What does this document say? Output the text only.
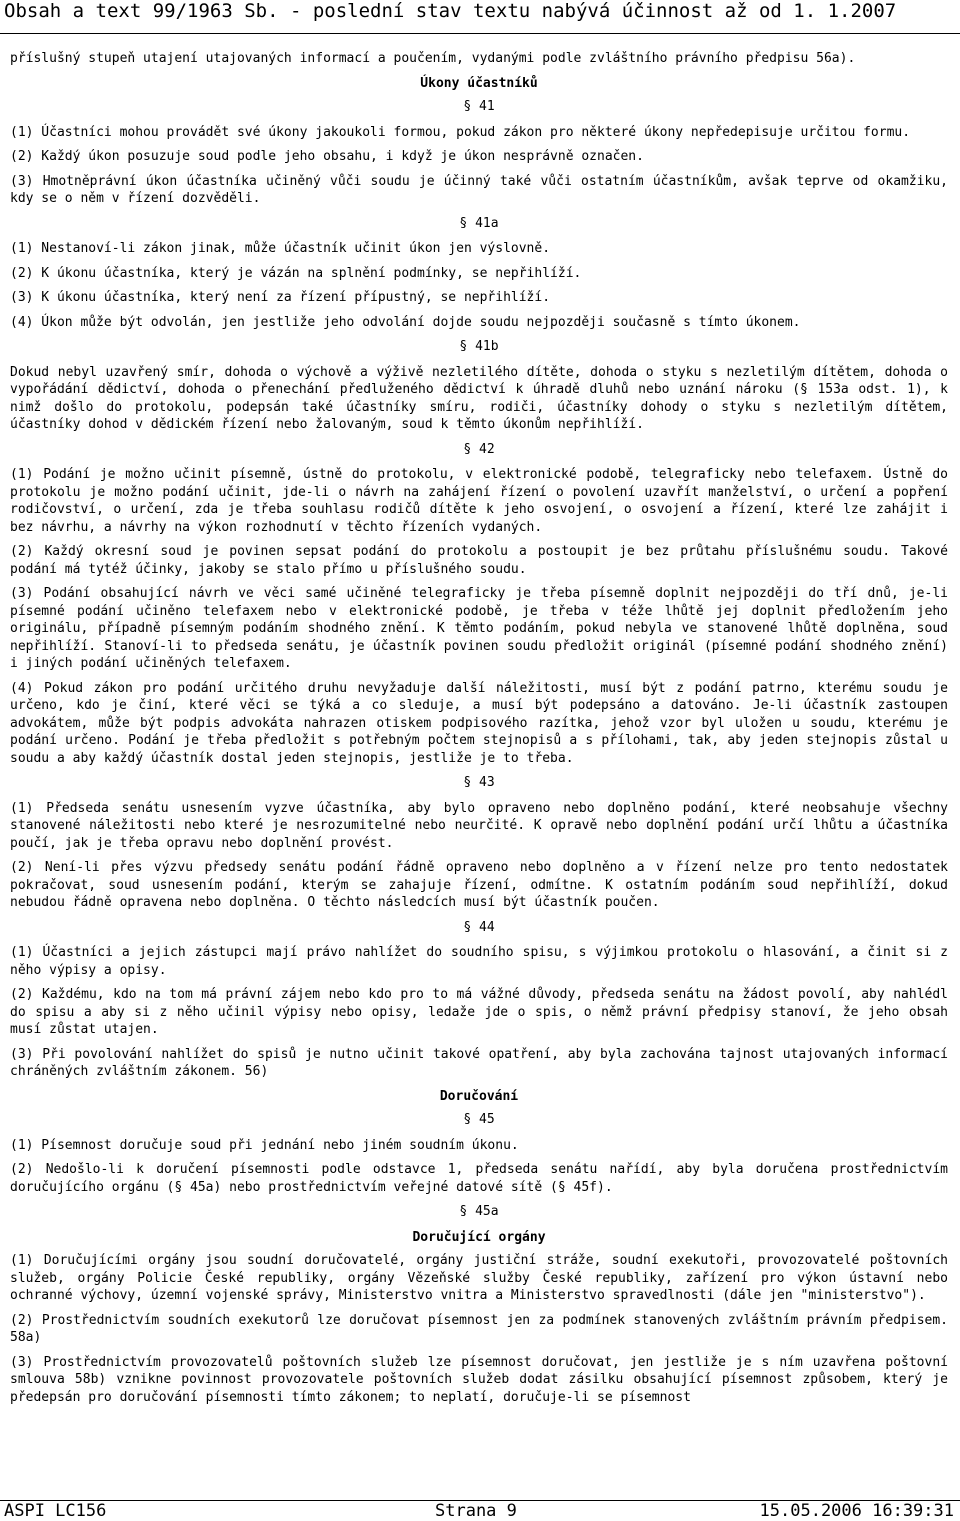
Obsah a text 99/1963 Sb. - poslední stav textu nabývá účinnost až od 1. 1.2007

příslušný stupeň utajení utajovaných informací a poučením, vydanými podle zvláštního právního předpisu 56a).

Úkony účastníků
§ 41

(1) Účastníci mohou provádět své úkony jakoukoli formou, pokud zákon pro některé úkony nepředepisuje určitou formu.

(2) Každý úkon posuzuje soud podle jeho obsahu, i když je úkon nesprávně označen.

(3) Hmotněprávní úkon účastníka učiněný vůči soudu je účinný také vůči ostatním účastníkům, avšak teprve od okamžiku, kdy se o něm v řízení dozvěděli.

§ 41a

(1) Nestanoví-li zákon jinak, může účastník učinit úkon jen výslovně.

(2) K úkonu účastníka, který je vázán na splnění podmínky, se nepřihlíží.

(3) K úkonu účastníka, který není za řízení přípustný, se nepřihlíží.

(4) Úkon může být odvolán, jen jestliže jeho odvolání dojde soudu nejpozději současně s tímto úkonem.

§ 41b

Dokud nebyl uzavřený smír, dohoda o výchově a výživě nezletilého dítěte, dohoda o styku s nezletilým dítětem, dohoda o vypořádání dědictví, dohoda o přenechání předluženého dědictví k úhradě dluhů nebo uznání nároku (§ 153a odst. 1), k nimž došlo do protokolu, podepsán také účastníky smíru, rodiči, účastníky dohody o styku s nezletilým dítětem, účastníky dohod v dědickém řízení nebo žalovaným, soud k těmto úkonům nepřihlíží.

§ 42

(1) Podání je možno učinit písemně, ústně do protokolu, v elektronické podobě, telegraficky nebo telefaxem. Ústně do protokolu je možno podání učinit, jde-li o návrh na zahájení řízení o povolení uzavřít manželství, o určení a popření rodičovství, o určení, zda je třeba souhlasu rodičů dítěte k jeho osvojení, o osvojení a řízení, které lze zahájit i bez návrhu, a návrhy na výkon rozhodnutí v těchto řízeních vydaných.

(2) Každý okresní soud je povinen sepsat podání do protokolu a postoupit je bez průtahu příslušnému soudu. Takové podání má tytéž účinky, jakoby se stalo přímo u příslušného soudu.

(3) Podání obsahující návrh ve věci samé učiněné telegraficky je třeba písemně doplnit nejpozději do tří dnů, je-li písemné podání učiněno telefaxem nebo v elektronické podobě, je třeba v téže lhůtě jej doplnit předložením jeho originálu, případně písemným podáním shodného znění. K těmto podáním, pokud nebyla ve stanovené lhůtě doplněna, soud nepřihlíží. Stanoví-li to předseda senátu, je účastník povinen soudu předložit originál (písemné podání shodného znění) i jiných podání učiněných telefaxem.

(4) Pokud zákon pro podání určitého druhu nevyžaduje další náležitosti, musí být z podání patrno, kterému soudu je určeno, kdo je činí, které věci se týká a co sleduje, a musí být podepsáno a datováno. Je-li účastník zastoupen advokátem, může být podpis advokáta nahrazen otiskem podpisového razítka, jehož vzor byl uložen u soudu, kterému je podání určeno. Podání je třeba předložit s potřebným počtem stejnopisů a s přílohami, tak, aby jeden stejnopis zůstal u soudu a aby každý účastník dostal jeden stejnopis, jestliže je to třeba.

§ 43

(1) Předseda senátu usnesením vyzve účastníka, aby bylo opraveno nebo doplněno podání, které neobsahuje všechny stanovené náležitosti nebo které je nesrozumitelné nebo neurčité. K opravě nebo doplnění podání určí lhůtu a účastníka poučí, jak je třeba opravu nebo doplnění provést.

(2) Není-li přes výzvu předsedy senátu podání řádně opraveno nebo doplněno a v řízení nelze pro tento nedostatek pokračovat, soud usnesením podání, kterým se zahajuje řízení, odmítne. K ostatním podáním soud nepřihlíží, dokud nebudou řádně opravena nebo doplněna. O těchto následcích musí být účastník poučen.

§ 44

(1) Účastníci a jejich zástupci mají právo nahlížet do soudního spisu, s výjimkou protokolu o hlasování, a činit si z něho výpisy a opisy.

(2) Každému, kdo na tom má právní zájem nebo kdo pro to má vážné důvody, předseda senátu na žádost povolí, aby nahlédl do spisu a aby si z něho učinil výpisy nebo opisy, ledaže jde o spis, o němž právní předpisy stanoví, že jeho obsah musí zůstat utajen.

(3) Při povolování nahlížet do spisů je nutno učinit takové opatření, aby byla zachována tajnost utajovaných informací chráněných zvláštním zákonem. 56)

Doručování
§ 45

(1) Písemnost doručuje soud při jednání nebo jiném soudním úkonu.

(2) Nedošlo-li k doručení písemnosti podle odstavce 1, předseda senátu nařídí, aby byla doručena prostřednictvím doručujícího orgánu (§ 45a) nebo prostřednictvím veřejné datové sítě (§ 45f).

§ 45a
Doručující orgány

(1) Doručujícími orgány jsou soudní doručovatelé, orgány justiční stráže, soudní exekutoři, provozovatelé poštovních služeb, orgány Policie České republiky, orgány Vězeňské služby České republiky, zařízení pro výkon ústavní nebo ochranné výchovy, územní vojenské správy, Ministerstvo vnitra a Ministerstvo spravedlnosti (dále jen "ministerstvo").

(2) Prostřednictvím soudních exekutorů lze doručovat písemnost jen za podmínek stanovených zvláštním právním předpisem. 58a)

(3) Prostřednictvím provozovatelů poštovních služeb lze písemnost doručovat, jen jestliže je s ním uzavřena poštovní smlouva 58b) vznikne povinnost provozovatele poštovních služeb dodat zásilku obsahující písemnost způsobem, který je předepsán pro doručování písemnosti tímto zákonem; to neplatí, doručuje-li se písemnost

ASPI LC156	Strana 9	15.05.2006 16:39:31
